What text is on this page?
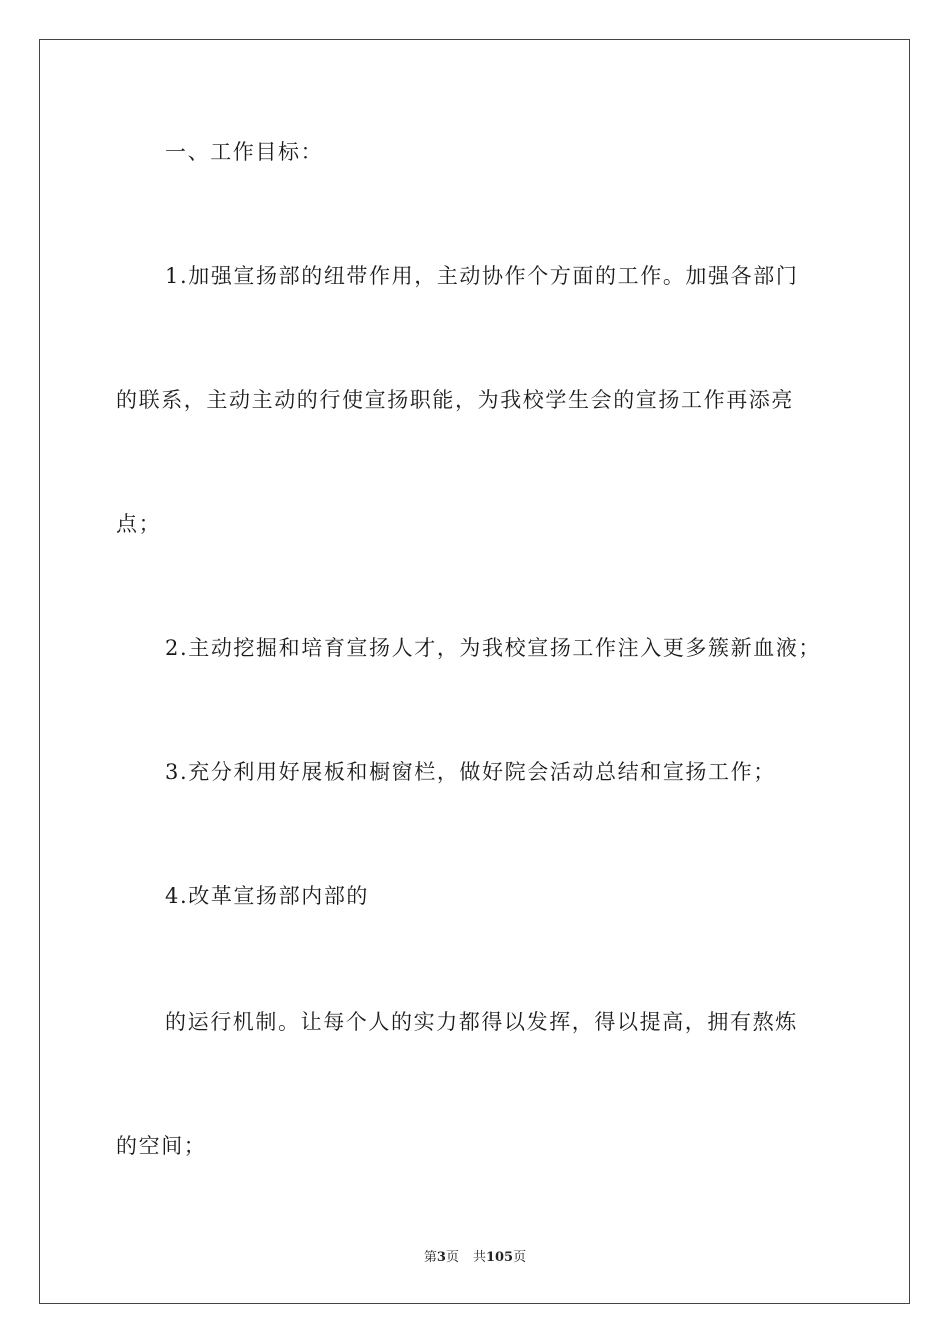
一、工作目标：
1.加强宣扬部的纽带作用，主动协作个方面的工作。加强各部门
的联系，主动主动的行使宣扬职能，为我校学生会的宣扬工作再添亮
点；
2.主动挖掘和培育宣扬人才，为我校宣扬工作注入更多簇新血液；
3.充分利用好展板和橱窗栏，做好院会活动总结和宣扬工作；
4.改革宣扬部内部的
的运行机制。让每个人的实力都得以发挥，得以提高，拥有熬炼
的空间；
第3页 共105页
